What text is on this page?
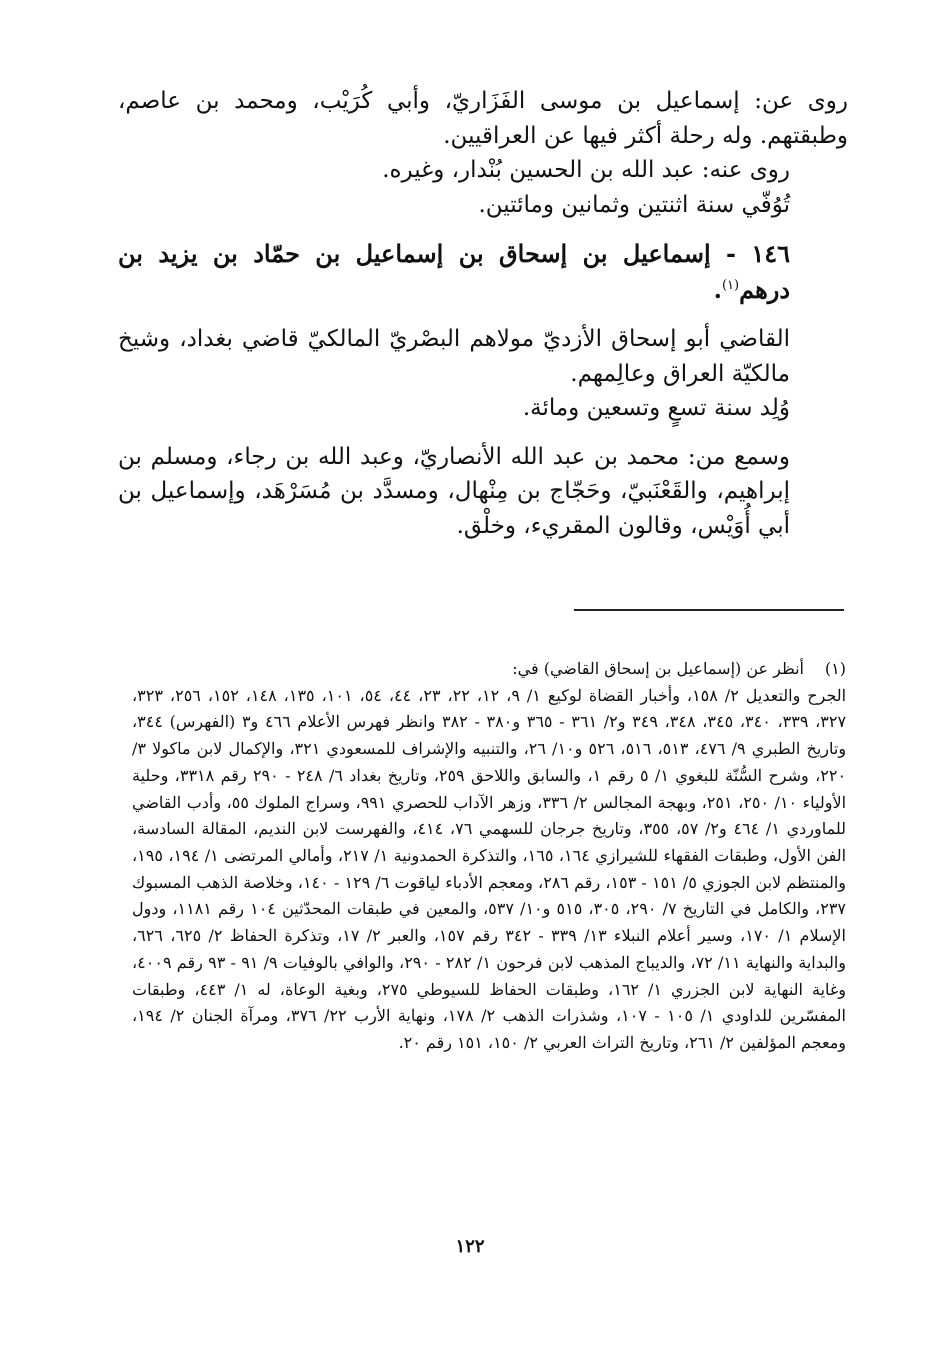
روى عن: إسماعيل بن موسى الفَزَاريّ، وأبي كُرَيْب، ومحمد بن عاصم، وطبقتهم. وله رحلة أكثر فيها عن العراقيين.

روى عنه: عبد الله بن الحسين بُنْدار، وغيره.

تُوُفّي سنة اثنتين وثمانين ومائتين.

١٤٦ - إسماعيل بن إسحاق بن إسماعيل بن حمّاد بن يزيد بن درهم$^{(١)}$.

القاضي أبو إسحاق الأزديّ مولاهم البصْريّ المالكيّ قاضي بغداد، وشيخ مالكيّة العراق وعالِمهم.

وُلِد سنة تسعٍ وتسعين ومائة.

وسمع من: محمد بن عبد الله الأنصاريّ، وعبد الله بن رجاء، ومسلم بن إبراهيم، والقَعْنَبيّ، وحَجّاج بن مِنْهال، ومسدَّد بن مُسَرْهَد، وإسماعيل بن أبي أُوَيْس، وقالون المقريء، وخلْق.

(١)
أنظر عن (إسماعيل بن إسحاق القاضي) في:

الجرح والتعديل ٢/ ١٥٨، وأخبار القضاة لوكيع ١/ ٩، ١٢، ٢٢، ٢٣، ٤٤، ٥٤، ١٠١، ١٣٥، ١٤٨، ١٥٢، ٢٥٦، ٣٢٣، ٣٢٧، ٣٣٩، ٣٤٠، ٣٤٥، ٣٤٨، ٣٤٩ و٢/ ٣٦١ - ٣٦٥ و٣٨٠ - ٣٨٢ وانظر فهرس الأعلام ٤٦٦ و٣ (الفهرس) ٣٤٤، وتاريخ الطبري ٩/ ٤٧٦، ٥١٣، ٥١٦، ٥٢٦ و١٠/ ٢٦، والتنبيه والإشراف للمسعودي ٣٢١، والإكمال لابن ماكولا ٣/ ٢٢٠، وشرح السُّنّة للبغوي ١/ ٥ رقم ١، والسابق واللاحق ٢٥٩، وتاريخ بغداد ٦/ ٢٤٨ - ٢٩٠ رقم ٣٣١٨، وحلية الأولياء ١٠/ ٢٥٠، ٢٥١، وبهجة المجالس ٢/ ٣٣٦، وزهر الآداب للحصري ٩٩١، وسراج الملوك ٥٥، وأدب القاضي للماوردي ١/ ٤٦٤ و٢/ ٥٧، ٣٥٥، وتاريخ جرجان للسهمي ٧٦، ٤١٤، والفهرست لابن النديم، المقالة السادسة، الفن الأول، وطبقات الفقهاء للشيرازي ١٦٤، ١٦٥، والتذكرة الحمدونية ١/ ٢١٧، وأمالي المرتضى ١/ ١٩٤، ١٩٥، والمنتظم لابن الجوزي ٥/ ١٥١ - ١٥٣، رقم ٢٨٦، ومعجم الأدباء لياقوت ٦/ ١٢٩ - ١٤٠، وخلاصة الذهب المسبوك ٢٣٧، والكامل في التاريخ ٧/ ٢٩٠، ٣٠٥، ٥١٥ و١٠/ ٥٣٧، والمعين في طبقات المحدّثين ١٠٤ رقم ١١٨١، ودول الإسلام ١/ ١٧٠، وسير أعلام النبلاء ١٣/ ٣٣٩ - ٣٤٢ رقم ١٥٧، والعبر ٢/ ١٧، وتذكرة الحفاظ ٢/ ٦٢٥، ٦٢٦، والبداية والنهاية ١١/ ٧٢، والديباج المذهب لابن فرحون ١/ ٢٨٢ - ٢٩٠، والوافي بالوفيات ٩/ ٩١ - ٩٣ رقم ٤٠٠٩، وغاية النهاية لابن الجزري ١/ ١٦٢، وطبقات الحفاظ للسيوطي ٢٧٥، وبغية الوعاة، له ١/ ٤٤٣، وطبقات المفسّرين للداودي ١/ ١٠٥ - ١٠٧، وشذرات الذهب ٢/ ١٧٨، ونهاية الأرب ٢٢/ ٣٧٦، ومرآة الجنان ٢/ ١٩٤، ومعجم المؤلفين ٢/ ٢٦١، وتاريخ التراث العربي ٢/ ١٥٠، ١٥١ رقم ٢٠.

١٢٢
